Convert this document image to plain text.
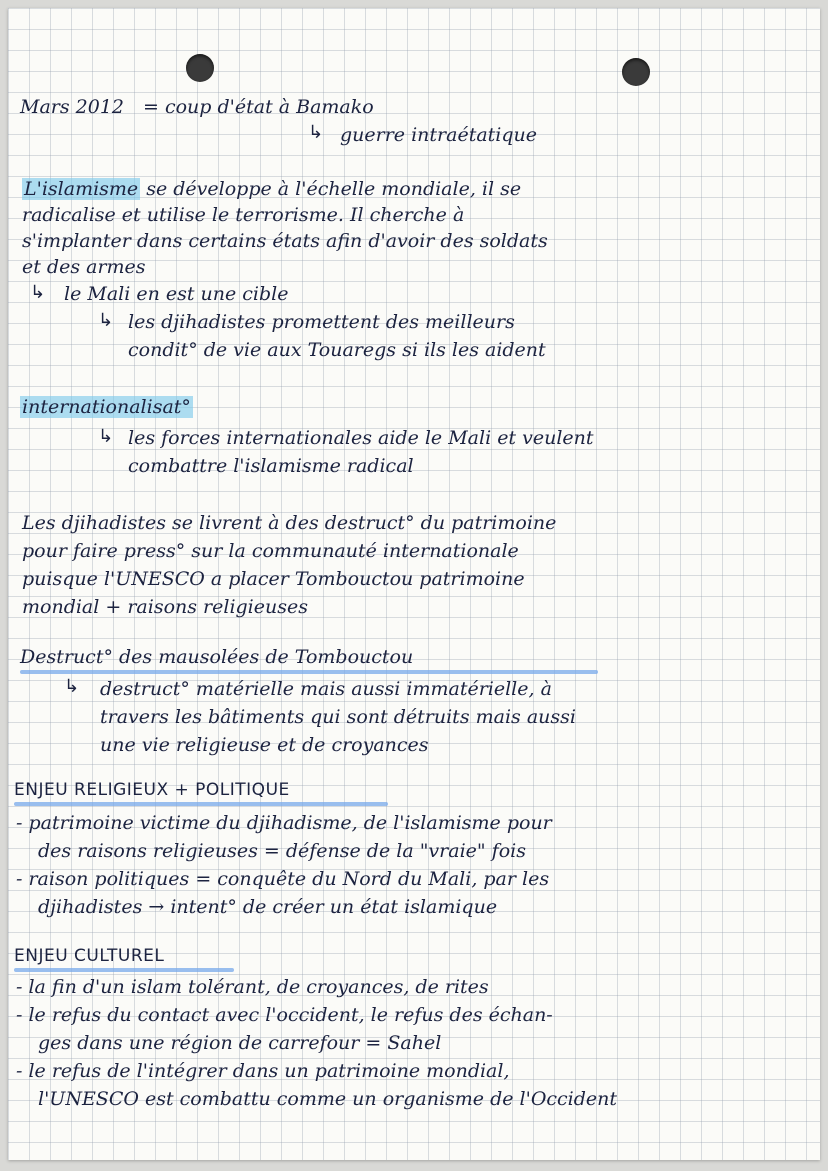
Mars 2012 = coup d'état à Bamako
↳ guerre intraétatique
L'islamisme se développe à l'échelle mondiale, il se
radicalise et utilise le terrorisme. Il cherche à
s'implanter dans certains états afin d'avoir des soldats
et des armes
↳ le Mali en est une cible
↳ les djihadistes promettent des meilleurs
condit° de vie aux Touaregs si ils les aident
internationalisat°
↳ les forces internationales aide le Mali et veulent
combattre l'islamisme radical
Les djihadistes se livrent à des destruct° du patrimoine
pour faire press° sur la communauté internationale
puisque l'UNESCO a placer Tombouctou patrimoine
mondial + raisons religieuses
Destruct° des mausolées de Tombouctou
↳ destruct° matérielle mais aussi immatérielle, à
travers les bâtiments qui sont détruits mais aussi
une vie religieuse et de croyances
ENJEU RELIGIEUX + POLITIQUE
- patrimoine victime du djihadisme, de l'islamisme pour
des raisons religieuses = défense de la "vraie" fois
- raison politiques = conquête du Nord du Mali, par les
djihadistes → intent° de créer un état islamique
ENJEU CULTUREL
- la fin d'un islam tolérant, de croyances, de rites
- le refus du contact avec l'occident, le refus des échan-
ges dans une région de carrefour = Sahel
- le refus de l'intégrer dans un patrimoine mondial,
l'UNESCO est combattu comme un organisme de l'Occident
